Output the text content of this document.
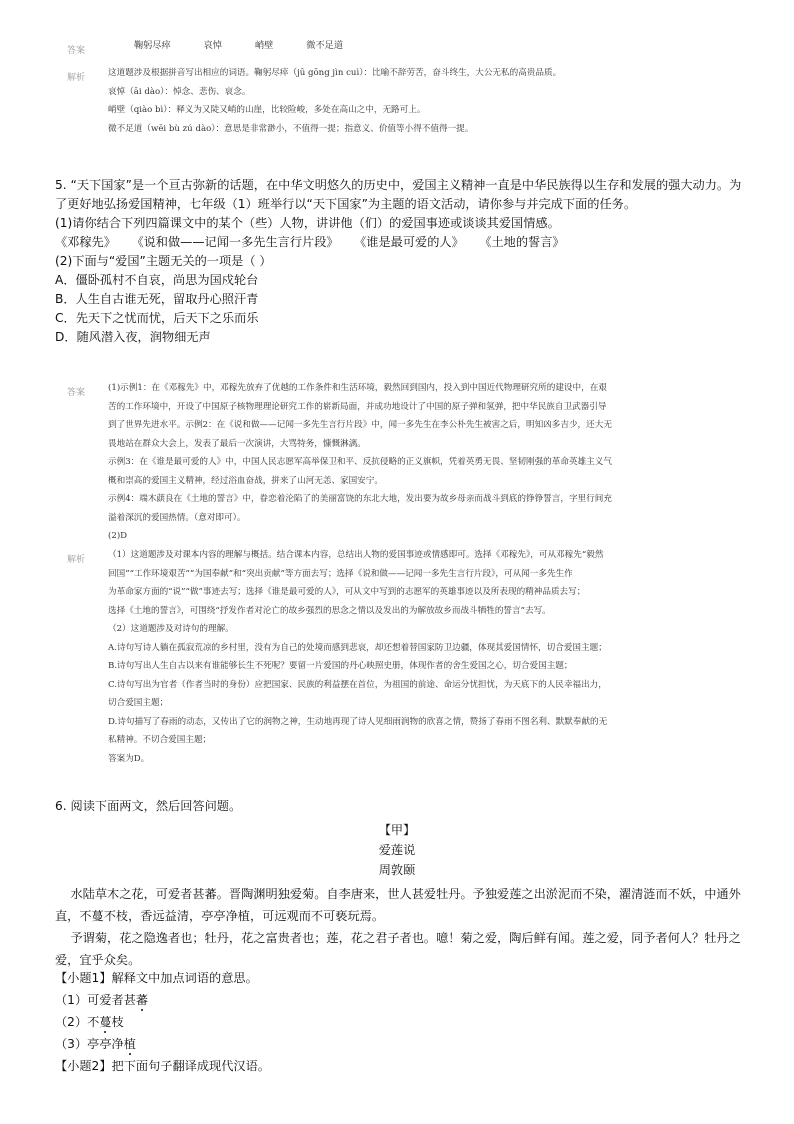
答案	鞠躬尽瘁	哀悼	峭壁	微不足道
解析	这道题涉及根据拼音写出相应的词语。鞠躬尽瘁（jū gōng jìn cuì）：比喻不辞劳苦，奋斗终生，大公无私的高贵品质。
哀悼（āi dào）：悼念、悲伤、哀念。
峭壁（qiào bì）：释义为又陡又峭的山崖，比较险峻，多处在高山之中，无路可上。
微不足道（wēi bù zú dào）：意思是非常渺小，不值得一提；指意义、价值等小得不值得一提。
5. “天下国家”是一个亘古弥新的话题，在中华文明悠久的历史中，爱国主义精神一直是中华民族得以生存和发展的强大动力。为
了更好地弘扬爱国精神，七年级（1）班举行以“天下国家”为主题的语文活动，请你参与并完成下面的任务。
(1)请你结合下列四篇课文中的某个（些）人物，讲讲他（们）的爱国事迹或谈谈其爱国情感。
《邓稼先》 《说和做——记闻一多先生言行片段》 《谁是最可爱的人》 《土地的誓言》
(2)下面与“爱国”主题无关的一项是（ ）
A．僵卧孤村不自哀，尚思为国戍轮台
B．人生自古谁无死，留取丹心照汗青
C．先天下之忧而忧，后天下之乐而乐
D．随风潜入夜，润物细无声
答案	(1)示例1：在《邓稼先》中，邓稼先放弃了优越的工作条件和生活环境，毅然回到国内，投入到中国近代物理研究所的建设中，在艰
苦的工作环境中，开设了中国原子核物理理论研究工作的崭新局面，并成功地设计了中国的原子弹和氢弹，把中华民族自卫武器引导
到了世界先进水平。示例2：在《说和做——记闻一多先生言行片段》中，闻一多先生在李公朴先生被害之后，明知凶多吉少，还大无
畏地站在群众大会上，发表了最后一次演讲，大骂特务，慷慨淋漓。
示例3：在《谁是最可爱的人》中，中国人民志愿军高举保卫和平、反抗侵略的正义旗帜，凭着英勇无畏、坚韧刚强的革命英雄主义气
概和崇高的爱国主义精神，经过浴血奋战，拼来了山河无恙、家国安宁。
示例4：端木蕻良在《土地的誓言》中，眷恋着沦陷了的美丽富饶的东北大地，发出要为故乡母亲而战斗到底的铮铮誓言，字里行间充
溢着深沉的爱国热情。（意对即可）。
(2)D
解析	（1）这道题涉及对课本内容的理解与概括。结合课本内容，总结出人物的爱国事迹或情感即可。选择《邓稼先》，可从邓稼先“毅然
回国”“工作环境艰苦”“为国奉献”和“突出贡献”等方面去写；选择《说和做——记闻一多先生言行片段》，可从闻一多先生作
为革命家方面的“说”“做”事迹去写；选择《谁是最可爱的人》，可从文中写到的志愿军的英雄事迹以及所表现的精神品质去写；
选择《土地的誓言》，可围绕“抒发作者对沦亡的故乡强烈的思念之情以及发出的为解放故乡而战斗牺牲的誓言”去写。
（2）这道题涉及对诗句的理解。
A.诗句写诗人躺在孤寂荒凉的乡村里，没有为自己的处境而感到悲哀，却还想着替国家防卫边疆，体现其爱国情怀，切合爱国主题；
B.诗句写出人生自古以来有谁能够长生不死呢？要留一片爱国的丹心映照史册，体现作者的舍生爱国之心，切合爱国主题；
C.诗句写出为官者（作者当时的身份）应把国家、民族的利益摆在首位，为祖国的前途、命运分忧担忧，为天底下的人民幸福出力，
切合爱国主题；
D.诗句描写了春雨的动态，又传出了它的润物之神，生动地再现了诗人见细雨润物的欣喜之情，赞扬了春雨不图名利、默默奉献的无
私精神。不切合爱国主题；
答案为D。
6. 阅读下面两文，然后回答问题。
【甲】
爱莲说
周敦颐
水陆草木之花，可爱者甚蕃。晋陶渊明独爱菊。自李唐来，世人甚爱牡丹。予独爱莲之出淤泥而不染，濯清涟而不妖，中通外
直，不蔓不枝，香远益清，亭亭净植，可远观而不可亵玩焉。
予谓菊，花之隐逸者也；牡丹，花之富贵者也；莲，花之君子者也。噫！菊之爱，陶后鲜有闻。莲之爱，同予者何人？牡丹之
爱，宜乎众矣。
【小题1】解释文中加点词语的意思。
（1）可爱者甚蕃
（2）不蔓枝
（3）亭亭净植
【小题2】把下面句子翻译成现代汉语。
